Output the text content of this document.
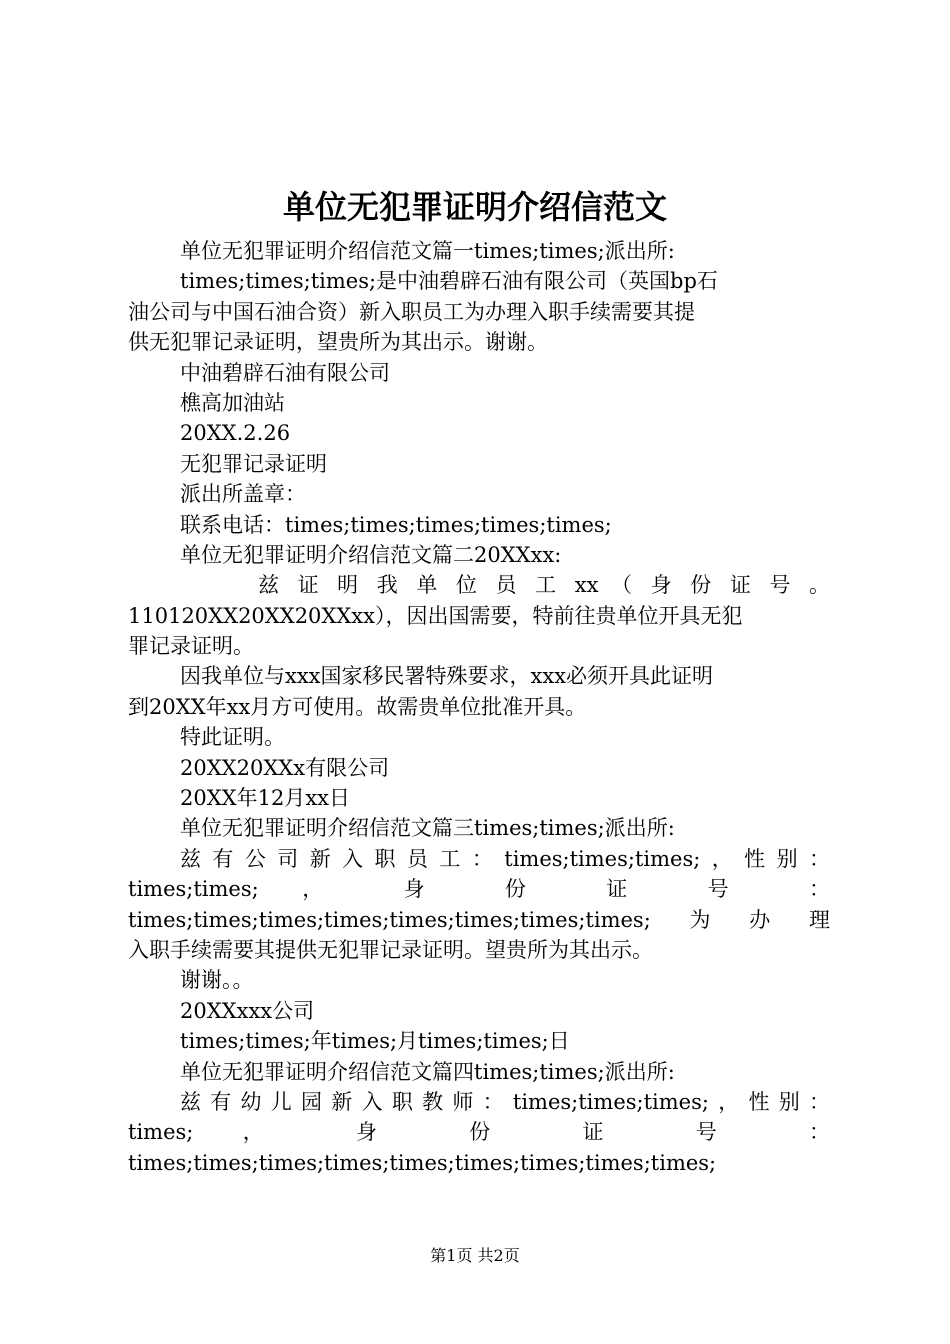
单位无犯罪证明介绍信范文
单位无犯罪证明介绍信范文篇一times;times;派出所:
times;times;times;是中油碧辟石油有限公司（英国bp石
油公司与中国石油合资）新入职员工为办理入职手续需要其提
供无犯罪记录证明，望贵所为其出示。谢谢。
中油碧辟石油有限公司
樵高加油站
20XX.2.26
无犯罪记录证明
派出所盖章：
联系电话：times;times;times;times;times;
单位无犯罪证明介绍信范文篇二20XXxx:
兹 证 明 我 单 位 员 工 xx （ 身 份 证 号 。
110120XX20XX20XXxx），因出国需要，特前往贵单位开具无犯
罪记录证明。
因我单位与xxx国家移民署特殊要求，xxx必须开具此证明
到20XX年xx月方可使用。故需贵单位批准开具。
特此证明。
20XX20XXx有限公司
20XX年12月xx日
单位无犯罪证明介绍信范文篇三times;times;派出所:
兹有公司新入职员工：times;times;times;，性别：
times;times; ， 身 份 证 号 ：
times;times;times;times;times;times;times;times;为办理
入职手续需要其提供无犯罪记录证明。望贵所为其出示。
谢谢。。
20XXxxx公司
times;times;年times;月times;times;日
单位无犯罪证明介绍信范文篇四times;times;派出所:
兹有幼儿园新入职教师：times;times;times;，性别：
times; ， 身 份 证 号 ：
times;times;times;times;times;times;times;times;times;
第1页 共2页
